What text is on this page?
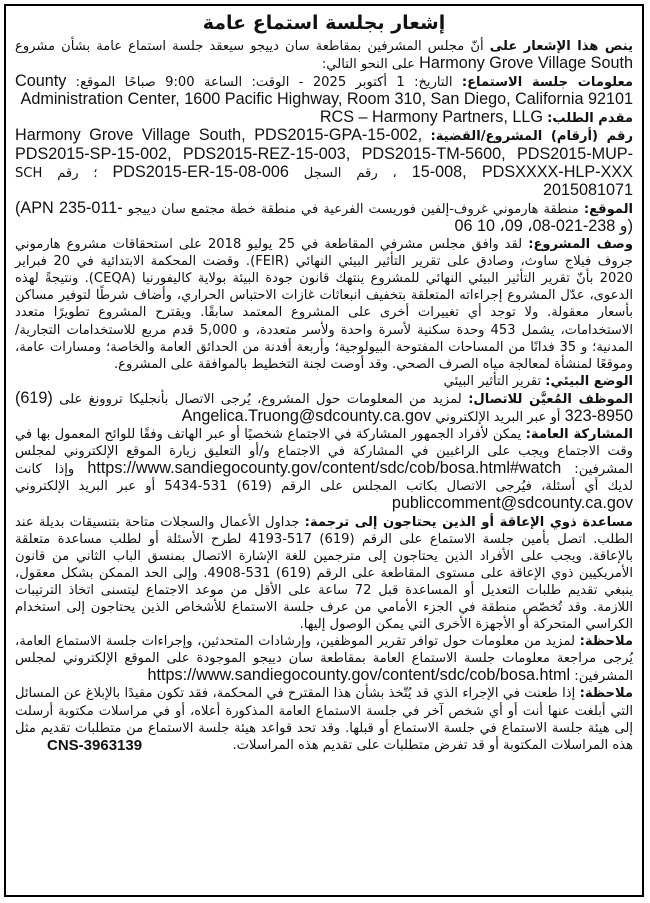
إشعار بجلسة استماع عامة

ينص هذا الإشعار على أنّ مجلس المشرفين بمقاطعة سان دييجو سيعقد جلسة استماع عامة بشأن مشروع Harmony Grove Village South على النحو التالي:

معلومات جلسة الاستماع: التاريخ: 1 أكتوبر 2025 - الوقت: الساعة 9:00 صباحًا الموقع: County Administration Center, 1600 Pacific Highway, Room 310, San Diego, California 92101

مقدم الطلب: RCS – Harmony Partners, LLG

رقم (أرقام) المشروع/القضية: Harmony Grove Village South, PDS2015-GPA-15-002, PDS2015-SP-15-002, PDS2015-REZ-15-003, PDS2015-TM-5600, PDS2015-MUP-15-008, PDSXXXX-HLP-XXX ، رقم السجل PDS2015-ER-15-08-006 ؛ رقم SCH 2015081071

الموقع: منطقة هارموني غروف-إلفين فوريست الفرعية في منطقة خطة مجتمع سان دييجو (APN 235-011-06 و 238-021-08، 09، 10)

وصف المشروع: لقد وافق مجلس مشرفي المقاطعة في 25 يوليو 2018 على استحقاقات مشروع هارموني جروف فيلاج ساوث، وصادق على تقرير التأثير البيئي النهائي (FEIR). وقضت المحكمة الابتدائية في 20 فبراير 2020 بأنّ تقرير التأثير البيئي النهائي للمشروع ينتهك قانون جودة البيئة بولاية كاليفورنيا (CEQA). ونتيجةً لهذه الدعوى، عدّل المشروع إجراءاته المتعلقة بتخفيف انبعاثات غازات الاحتباس الحراري، وأضاف شرطًا لتوفير مساكن بأسعار معقولة. ولا توجد أي تغييرات أخرى على المشروع المعتمد سابقًا. ويقترح المشروع تطويرًا متعدد الاستخدامات، يشمل 453 وحدة سكنية لأسرة واحدة ولأسر متعددة، و 5,000 قدم مربع للاستخدامات التجارية/المدنية؛ و 35 فدانًا من المساحات المفتوحة البيولوجية؛ وأربعة أفدنة من الحدائق العامة والخاصة؛ ومسارات عامة، وموقعًا لمنشأة لمعالجة مياه الصرف الصحي. وقد أوصت لجنة التخطيط بالموافقة على المشروع.

الوضع البيئي: تقرير التأثير البيئي

الموظف المُعيَّن للاتصال: لمزيد من المعلومات حول المشروع، يُرجى الاتصال بأنجليكا تروونغ على (619) 323-8950 أو عبر البريد الإلكتروني Angelica.Truong@sdcounty.ca.gov

المشاركة العامة: يمكن لأفراد الجمهور المشاركة في الاجتماع شخصيًا أو عبر الهاتف وفقًا للوائح المعمول بها في وقت الاجتماع ويجب على الراغبين في المشاركة في الاجتماع و/أو التعليق زيارة الموقع الإلكتروني لمجلس المشرفين: https://www.sandiegocounty.gov/content/sdc/cob/bosa.html#watch وإذا كانت لديك أي أسئلة، فيُرجى الاتصال بكاتب المجلس على الرقم (619) 531-5434 أو عبر البريد الإلكتروني publiccomment@sdcounty.ca.gov

مساعدة ذوي الإعاقة أو الذين يحتاجون إلى ترجمة: جداول الأعمال والسجلات متاحة بتنسيقات بديلة عند الطلب. اتصل بأمين جلسة الاستماع على الرقم (619) 517-4193 لطرح الأسئلة أو لطلب مساعدة متعلقة بالإعاقة. ويجب على الأفراد الذين يحتاجون إلى مترجمين للغة الإشارة الاتصال بمنسق الباب الثاني من قانون الأمريكيين ذوي الإعاقة على مستوى المقاطعة على الرقم (619) 531-4908. وإلى الحد الممكن بشكل معقول، ينبغي تقديم طلبات التعديل أو المساعدة قبل 72 ساعة على الأقل من موعد الاجتماع ليتسنى اتخاذ الترتيبات اللازمة. وقد تُخصّص منطقة في الجزء الأمامي من عرف جلسة الاستماع للأشخاص الذين يحتاجون إلى استخدام الكراسي المتحركة أو الأجهزة الأخرى التي يمكن الوصول إليها.

ملاحظة: لمزيد من معلومات حول توافر تقرير الموظفين، وإرشادات المتحدثين، وإجراءات جلسة الاستماع العامة، يُرجى مراجعة معلومات جلسة الاستماع العامة بمقاطعة سان دييجو الموجودة على الموقع الإلكتروني لمجلس المشرفين: https://www.sandiegocounty.gov/content/sdc/cob/bosa.html

ملاحظة: إذا طعنت في الإجراء الذي قد يُتّخذ بشأن هذا المقترح في المحكمة، فقد تكون مقيدًا بالإبلاغ عن المسائل التي أبلغت عنها أنت أو أي شخص آخر في جلسة الاستماع العامة المذكورة أعلاه، أو في مراسلات مكتوبة أرسلت إلى هيئة جلسة الاستماع في جلسة الاستماع أو قبلها. وقد تحد قواعد هيئة جلسة الاستماع من متطلبات تقديم مثل هذه المراسلات المكتوبة أو قد تفرض متطلبات على تقديم هذه المراسلات.

CNS-3963139
